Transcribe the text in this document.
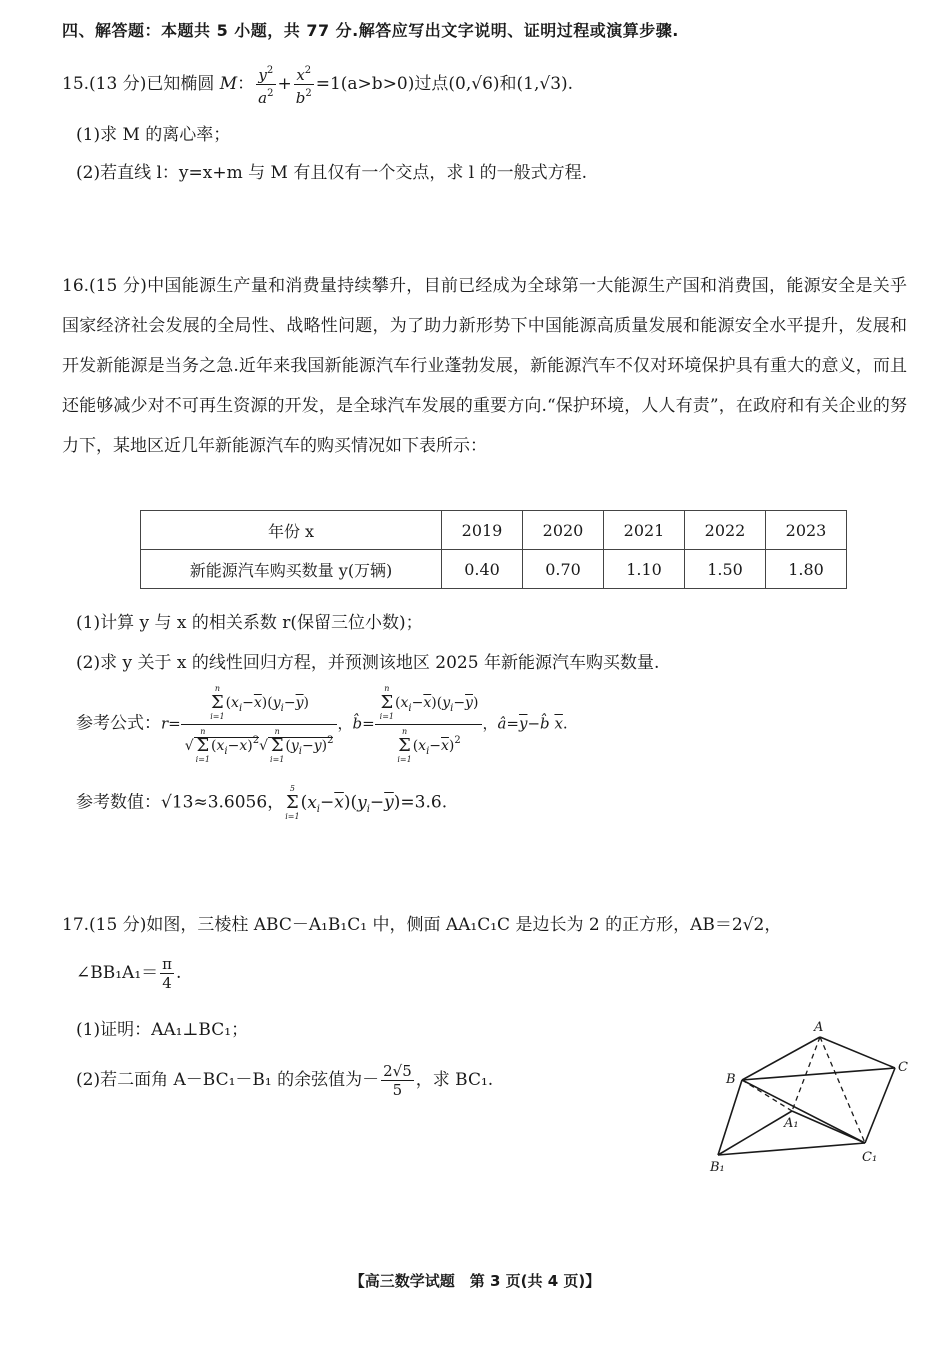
四、解答题：本题共 5 小题，共 77 分.解答应写出文字说明、证明过程或演算步骤.
15.(13 分)已知椭圆 M： $\frac{y^2}{a^2} + \frac{x^2}{b^2} =1(a>b>0)$过点(0,√6)和(1,√3).
(1)求 M 的离心率；
(2)若直线 l：y=x+m 与 M 有且仅有一个交点，求 l 的一般式方程.
16.(15 分)中国能源生产量和消费量持续攀升，目前已经成为全球第一大能源生产国和消费国，能源安全是关乎国家经济社会发展的全局性、战略性问题，为了助力新形势下中国能源高质量发展和能源安全水平提升，发展和开发新能源是当务之急.近年来我国新能源汽车行业蓬勃发展，新能源汽车不仅对环境保护具有重大的意义，而且还能够减少对不可再生资源的开发，是全球汽车发展的重要方向.“保护环境，人人有责”，在政府和有关企业的努力下，某地区近几年新能源汽车的购买情况如下表所示：
年份 x	2019	2020	2021	2022	2023
新能源汽车购买数量 y(万辆)	0.40	0.70	1.10	1.50	1.80
(1)计算 y 与 x 的相关系数 r(保留三位小数)；
(2)求 y 关于 x 的线性回归方程，并预测该地区 2025 年新能源汽车购买数量.
参考公式：r= n
Σ
i=1
$(x_i-\overline{x})(y_i-\overline{y})$
√
n
Σ
i=1
$(x_i-\overline{x})^2√$
n
Σ
i=1
$(y_i-\overline{y})^2$ ，b̂= n
Σ
i=1
$(x_i-\overline{x})(y_i-\overline{y})$
n
Σ
i=1
$(x_i-\overline{x})^2$ ，$â=\overline{y}-b̂$ $\overline{x}$.
参考数值：√13≈3.6056，
5
Σ
i=1
$(x_i-\overline{x})(y_i-\overline{y})=3.6$.
17.(15 分)如图，三棱柱 ABC－A₁B₁C₁ 中，侧面 AA₁C₁C 是边长为 2 的正方形，AB＝2√2，
∠BB₁A₁＝ $\frac{\pi}{4}$ .
(1)证明：AA₁⊥BC₁；
(2)若二面角 A－BC₁－B₁ 的余弦值为－ $\frac{2√5}{5}$ ，求 BC₁.
A
B
C
A₁
B₁
C₁
【高三数学试题　第 3 页(共 4 页)】
